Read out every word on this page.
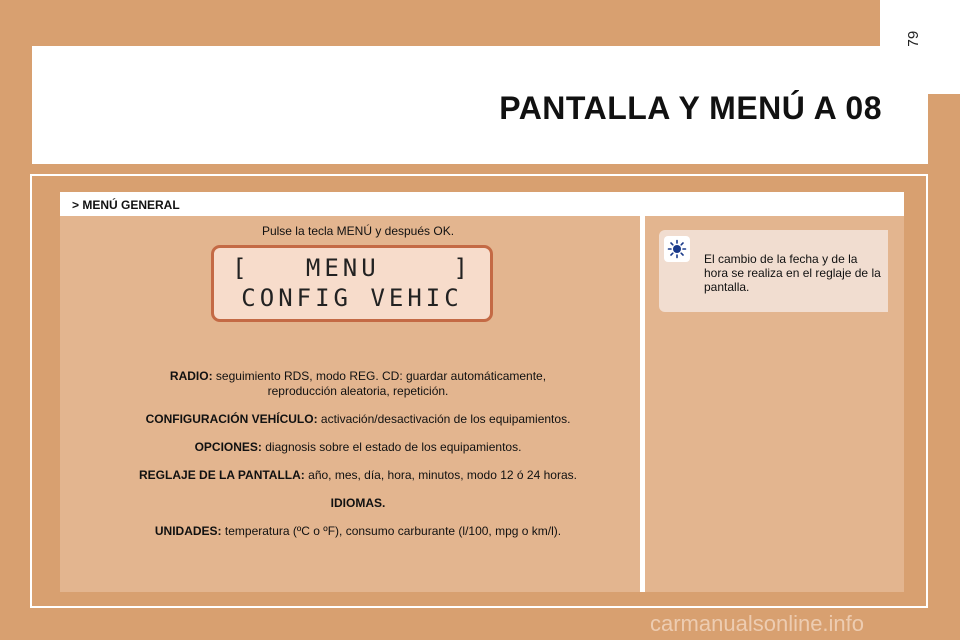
PANTALLA Y MENÚ A 08
> MENÚ GENERAL
Pulse la tecla MENÚ y después OK.
[ MENU	]
CONFIG VEHIC
RADIO: seguimiento RDS, modo REG. CD: guardar automáticamente,
reproducción aleatoria, repetición.
CONFIGURACIÓN VEHÍCULO: activación/desactivación de los equipamientos.
OPCIONES: diagnosis sobre el estado de los equipamientos.
REGLAJE DE LA PANTALLA: año, mes, día, hora, minutos, modo 12 ó 24 horas.
IDIOMAS.
UNIDADES: temperatura (ºC o ºF), consumo carburante (l/100, mpg o km/l).
El cambio de la fecha y de la hora se realiza en el reglaje de la pantalla.
carmanualsonline.info
